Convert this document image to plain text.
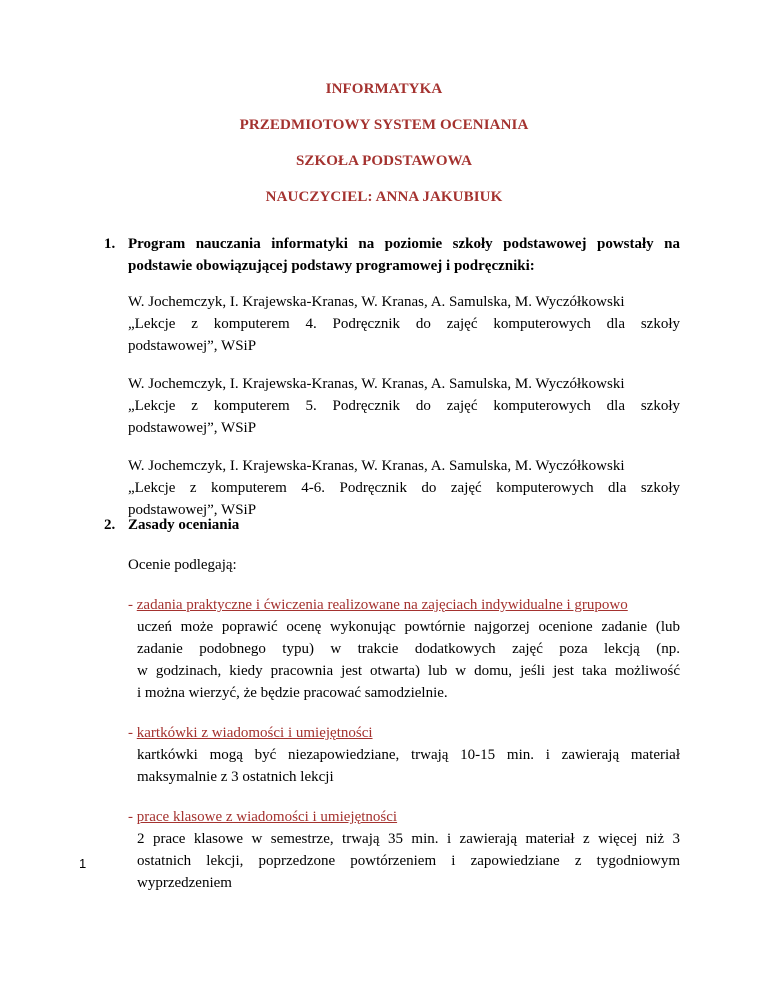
INFORMATYKA
PRZEDMIOTOWY SYSTEM OCENIANIA
SZKOŁA PODSTAWOWA
NAUCZYCIEL: ANNA JAKUBIUK
1. Program nauczania informatyki na poziomie szkoły podstawowej powstały na
podstawie obowiązującej podstawy programowej i podręczniki:
W. Jochemczyk, I. Krajewska-Kranas, W. Kranas, A. Samulska, M. Wyczółkowski
„Lekcje z komputerem 4. Podręcznik do zajęć komputerowych dla szkoły
podstawowej”, WSiP
W. Jochemczyk, I. Krajewska-Kranas, W. Kranas, A. Samulska, M. Wyczółkowski
„Lekcje z komputerem 5. Podręcznik do zajęć komputerowych dla szkoły
podstawowej”, WSiP
W. Jochemczyk, I. Krajewska-Kranas, W. Kranas, A. Samulska, M. Wyczółkowski
„Lekcje z komputerem 4-6. Podręcznik do zajęć komputerowych dla szkoły
podstawowej”, WSiP
2. Zasady oceniania
Ocenie podlegają:
- zadania praktyczne i ćwiczenia realizowane na zajęciach indywidualne i grupowo
uczeń może poprawić ocenę wykonując powtórnie najgorzej ocenione zadanie (lub
zadanie podobnego typu) w trakcie dodatkowych zajęć poza lekcją (np.
w godzinach, kiedy pracownia jest otwarta) lub w domu, jeśli jest taka możliwość
i można wierzyć, że będzie pracować samodzielnie.
- kartkówki z wiadomości i umiejętności
kartkówki mogą być niezapowiedziane, trwają 10-15 min. i zawierają materiał
maksymalnie z 3 ostatnich lekcji
- prace klasowe z wiadomości i umiejętności
2 prace klasowe w semestrze, trwają 35 min. i zawierają materiał z więcej niż 3
ostatnich lekcji, poprzedzone powtórzeniem i zapowiedziane z tygodniowym
wyprzedzeniem
1
